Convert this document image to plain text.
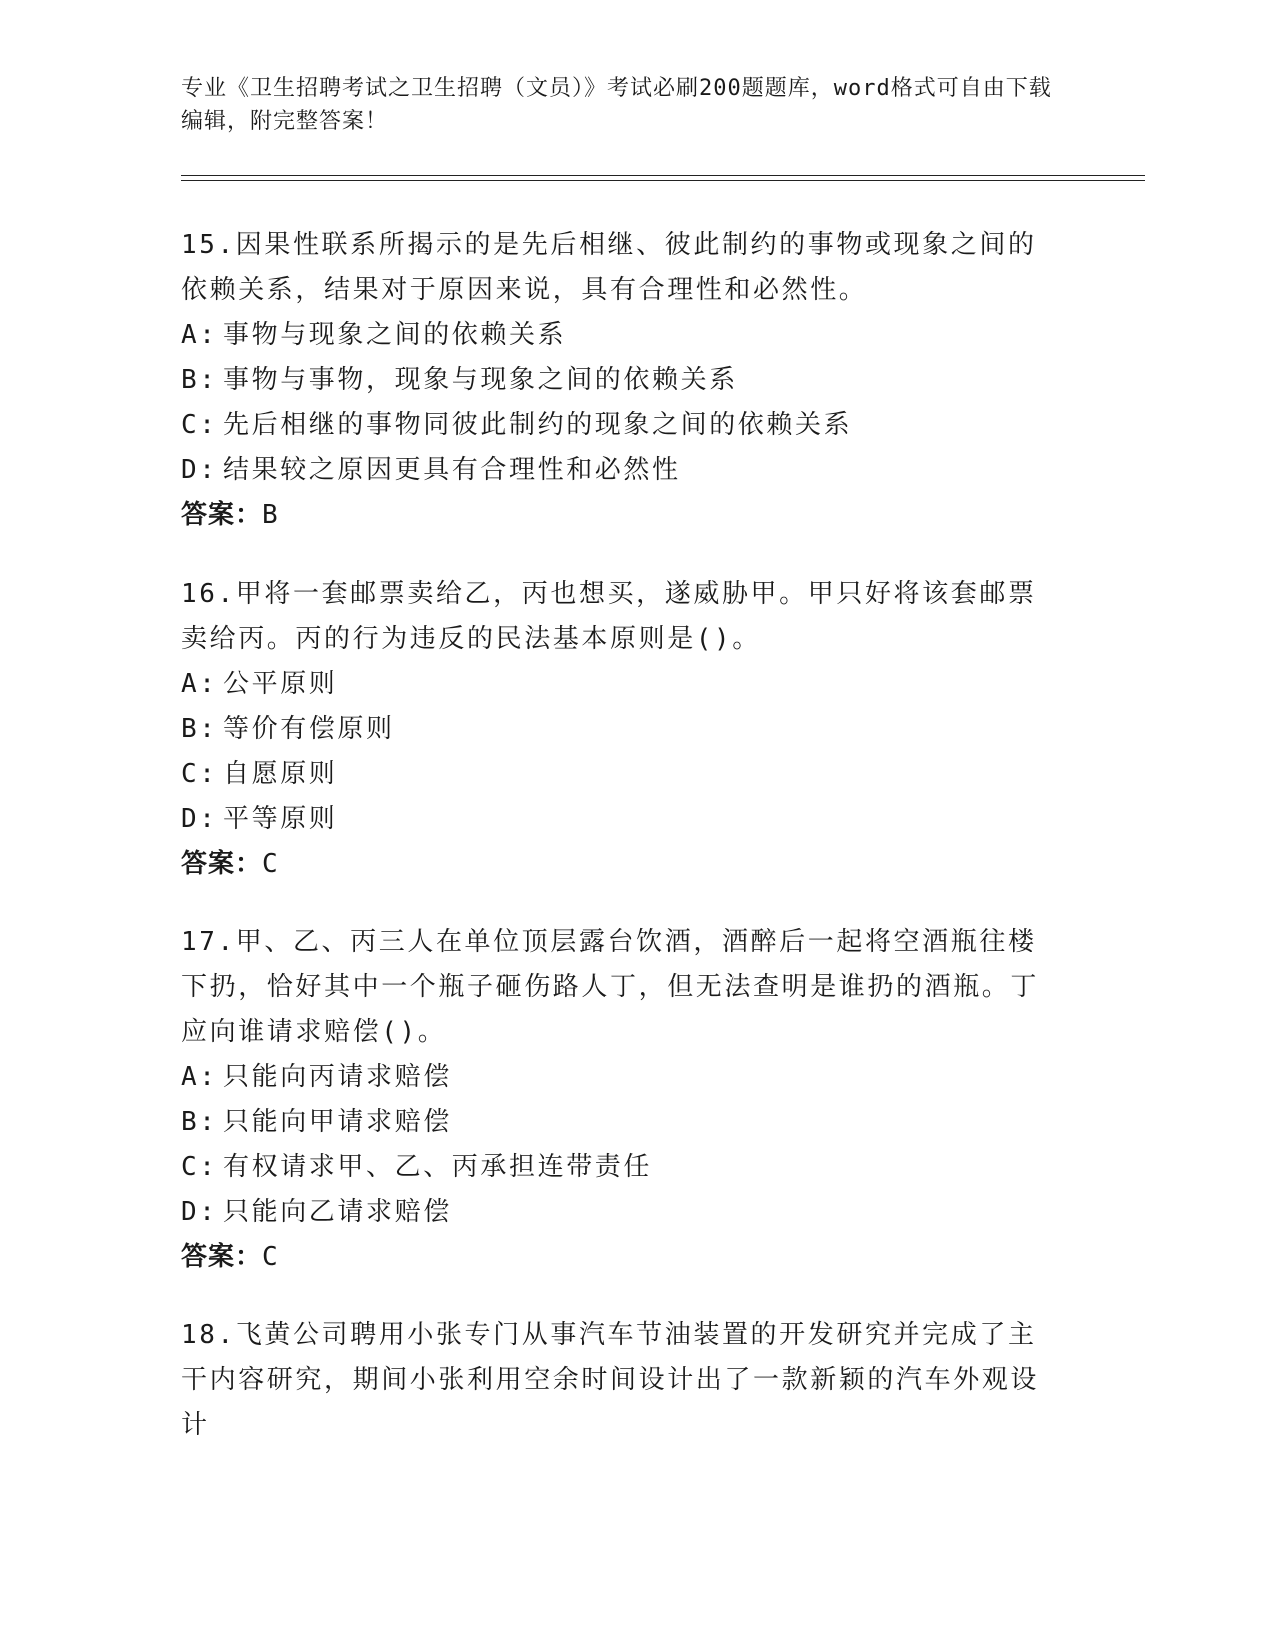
专业《卫生招聘考试之卫生招聘（文员）》考试必刷200题题库，word格式可自由下载编辑，附完整答案！
15.因果性联系所揭示的是先后相继、彼此制约的事物或现象之间的依赖关系，结果对于原因来说，具有合理性和必然性。
A: 事物与现象之间的依赖关系
B: 事物与事物，现象与现象之间的依赖关系
C: 先后相继的事物同彼此制约的现象之间的依赖关系
D: 结果较之原因更具有合理性和必然性
答案：B
16.甲将一套邮票卖给乙，丙也想买，遂威胁甲。甲只好将该套邮票卖给丙。丙的行为违反的民法基本原则是()。
A: 公平原则
B: 等价有偿原则
C: 自愿原则
D: 平等原则
答案：C
17.甲、乙、丙三人在单位顶层露台饮酒，酒醉后一起将空酒瓶往楼下扔，恰好其中一个瓶子砸伤路人丁，但无法查明是谁扔的酒瓶。丁应向谁请求赔偿()。
A: 只能向丙请求赔偿
B: 只能向甲请求赔偿
C: 有权请求甲、乙、丙承担连带责任
D: 只能向乙请求赔偿
答案：C
18.飞黄公司聘用小张专门从事汽车节油装置的开发研究并完成了主干内容研究，期间小张利用空余时间设计出了一款新颖的汽车外观设计
